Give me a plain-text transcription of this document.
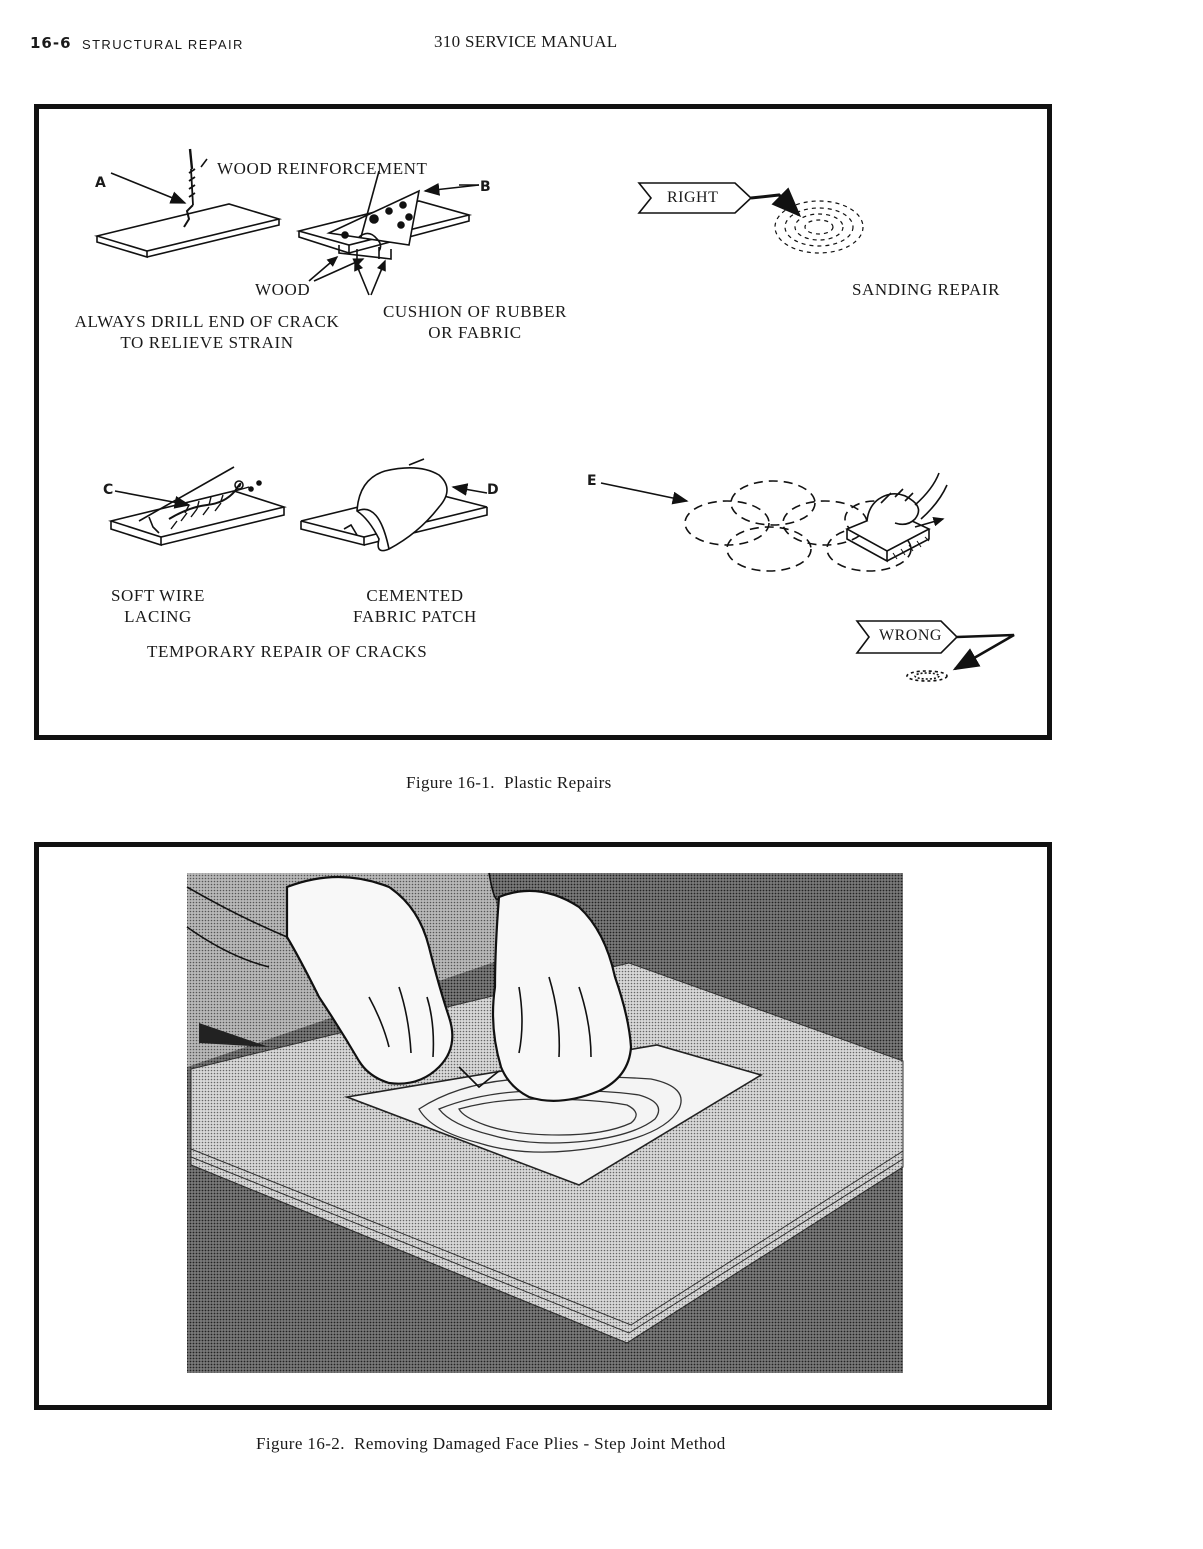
16-6 STRUCTURAL REPAIR	310 SERVICE MANUAL
WOOD REINFORCEMENT
A	B
WOOD
ALWAYS DRILL END OF CRACK
TO RELIEVE STRAIN
CUSHION OF RUBBER
OR FABRIC
RIGHT
SANDING REPAIR
C	D
E
SOFT WIRE
LACING
CEMENTED
FABRIC PATCH
TEMPORARY REPAIR OF CRACKS
WRONG
Figure 16-1.  Plastic Repairs
Figure 16-2.  Removing Damaged Face Plies - Step Joint Method
